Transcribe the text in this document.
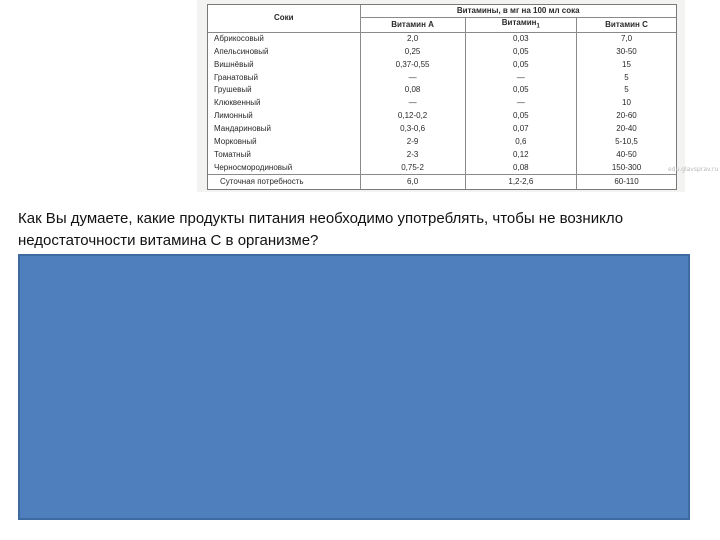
Соки	Витамины, в мг на 100 мл сока		
	Витамин А	Витамин$_1$	Витамин С
Абрикосовый	2,0	0,03	7,0
Апельсиновый	0,25	0,05	30-50
Вишнёвый	0,37-0,55	0,05	15
Гранатовый	—	—	5
Грушевый	0,08	0,05	5
Клюквенный	—	—	10
Лимонный	0,12-0,2	0,05	20-60
Мандариновый	0,3-0,6	0,07	20-40
Морковный	2-9	0,6	5-10,5
Томатный	2-3	0,12	40-50
Черносмородиновый	0,75-2	0,08	150-300
Суточная потребность	6,0	1,2-2,6	60-110
edu.glavsprav.ru
Как Вы думаете, какие продукты питания необходимо употреблять, чтобы не возникло недостаточности витамина С в организме?
